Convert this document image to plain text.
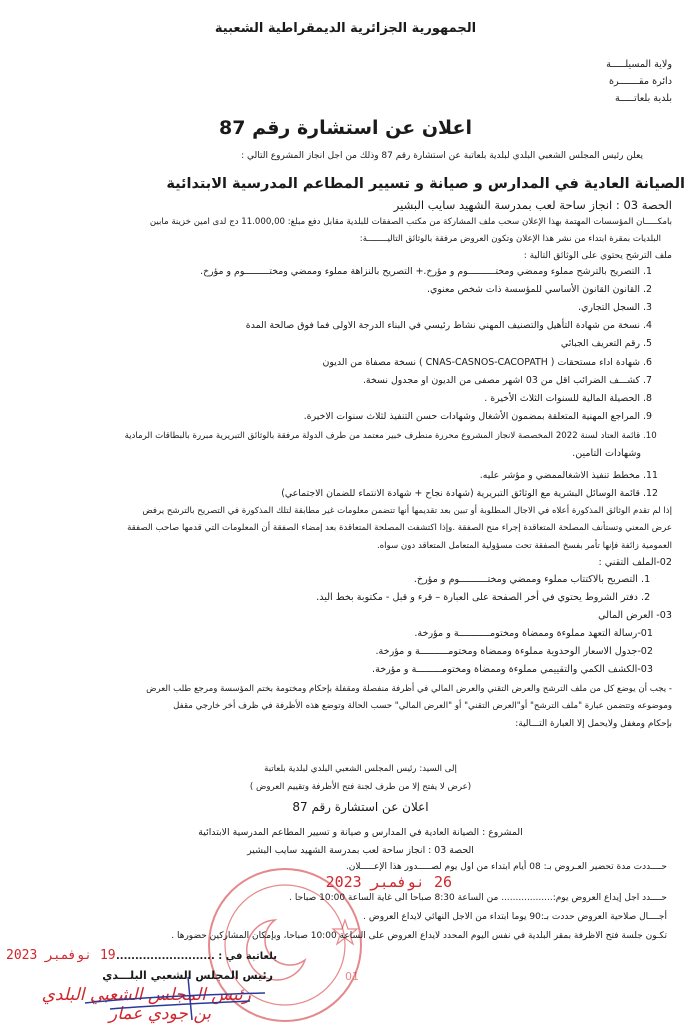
الجمهورية الجزائرية الديمقراطية الشعبية
ولاية المسيلـــــة
دائرة مقـــــــرة
بلدية بلعاتـــــة
اعلان عن استشارة رقم 87
يعلن رئيس المجلس الشعبي البلدي لبلدية بلعاتبة عن استشارة رقم 87 وذلك من اجل انجاز المشروع التالي :
الصيانة العادية في المدارس و صيانة و تسيير المطاعم المدرسية الابتدائية
الحصة 03 : انجاز ساحة لعب بمدرسة الشهيد سايب البشير
بامكـــــان المؤسسات المهتمة بهذا الإعلان سحب ملف المشاركة من مكتب الصفقات للبلدية مقابل دفع مبلغ: 11.000,00 دج لدى امين خزينة مابين
البلديات بمقرة ابتداء من نشر هذا الإعلان وتكون العروض مرفقة بالوثائق التاليــــــــة:
ملف الترشح يحتوي على الوثائق التالية :
1. التصريح بالترشح مملوء وممضي ومختــــــــــوم و مؤرخ.+ التصريح بالنزاهة مملوء وممضي ومختـــــــــوم و مؤرخ.
2. القانون القانون الأساسي للمؤسسة ذات شخص معنوي.
3. السجل التجاري.
4. نسخة من شهادة التأهيل والتصنيف المهني نشاط رئيسي في البناء الدرجة الاولى فما فوق صالحة المدة
5. رقم التعريف الجبائي
6. شهادة اداء مستحقات ( CNAS-CASNOS-CACOPATH ) نسخة مصفاة من الديون
7. كشـــف الضرائب اقل من 03 اشهر مصفى من الديون او مجدول نسخة.
8. الحصيلة المالية للسنوات الثلاث الأخيرة .
9. المراجع المهنية المتعلقة بمضمون الأشغال وشهادات حسن التنفيذ لثلاث سنوات الاخيرة.
10. قائمة العتاد لسنة 2022 المخصصة لانجاز المشروع محررة منطرف خبير معتمد من طرف الدولة مرفقة بالوثائق التبريرية مبررة بالبطاقات الرمادية
وشهادات التامين.
11. مخطط تنفيذ الاشغالممضي و مؤشر عليه.
12. قائمة الوسائل البشرية مع الوثائق التبريرية (شهادة نجاح + شهادة الانتماء للضمان الاجتماعي)
إذا لم تقدم الوثائق المذكورة أعلاه في الاجال المطلوبة أو تبين بعد تقديمها أنها تتضمن معلومات غير مطابقة لتلك المذكورة في التصريح بالترشح يرفض
عرض المعني وتستأنف المصلحة المتعاقدة إجراء منح الصفقة .وإذا اكتشفت المصلحة المتعاقدة بعد إمضاء الصفقة أن المعلومات التي قدمها صاحب الصفقة
العمومية زائفة فإنها تأمر بفسخ الصفقة تحت مسؤولية المتعامل المتعاقد دون سواه.
02-الملف التقني :
1. التصريح بالاكتتاب مملوء وممضي ومختــــــــــوم و مؤرخ.
2. دفتر الشروط يحتوي في أخر الصفحة على العبارة – قرء و قبل - مكتوبة بخط اليد.
03- العرض المالي
01-رسالة التعهد مملوءة وممضاة ومختومـــــــــــة و مؤرخة.
02-جدول الاسعار الوحدوية مملوءة وممضاة ومختومــــــــــة و مؤرخة.
03-الكشف الكمي والتقييمي مملوءة وممضاة ومختومـــــــــة و مؤرخة.
- يجب أن يوضع كل من ملف الترشح والعرض التقني والعرض المالي في أظرفة منفصلة ومقفلة بإحكام ومختومة بختم المؤسسة ومرجع طلب العرض
وموضوعه وتتضمن عبارة "ملف الترشح" أو"العرض التقني" أو "العرض المالي" حسب الحالة وتوضع هذه الأظرفة في ظرف أخر خارجي مقفل
بإحكام ومغفل ولايحمل إلا العبارة التـــالية:
إلى السيد: رئيس المجلس الشعبي البلدي لبلدية بلعاتبة
(عرض لا يفتح إلا من طرف لجنة فتح الأظرفة وتقييم العروض )
اعلان عن استشارة رقم 87
المشروع : الصيانة العادية في المدارس و صيانة و تسيير المطاعم المدرسية الابتدائية
الحصة 03 : انجاز ساحة لعب بمدرسة الشهيد سايب البشير
01
حــــددت مدة تحضير العـروض بـ: 08 أيام ابتداء من اول يوم لصـــــدور هذا الإعـــــلان.
26 نوفمبر 2023
حــــدد اجل إيداع العروض يوم:.................. من الساعة 8:30 صباحا الى غاية الساعة 10:00 صباحا .
أجــــال صلاحية العروض حددت بـ:90 يوما ابتداء من الاجل النهائي لايداع العروض .
تكـون جلسة فتح الاظرفة بمقر البلدية في نفس اليوم المحدد لايداع العروض على الساعة 10:00 صباحا، وبإمكان المشاركين حضورها .
بلعاتبة في : ..........................
19 نوفمبر 2023
رئيس المجلس الشعبي البلـــدي
رئيس المجلس الشعبي البلدي
بن جودي عمار
